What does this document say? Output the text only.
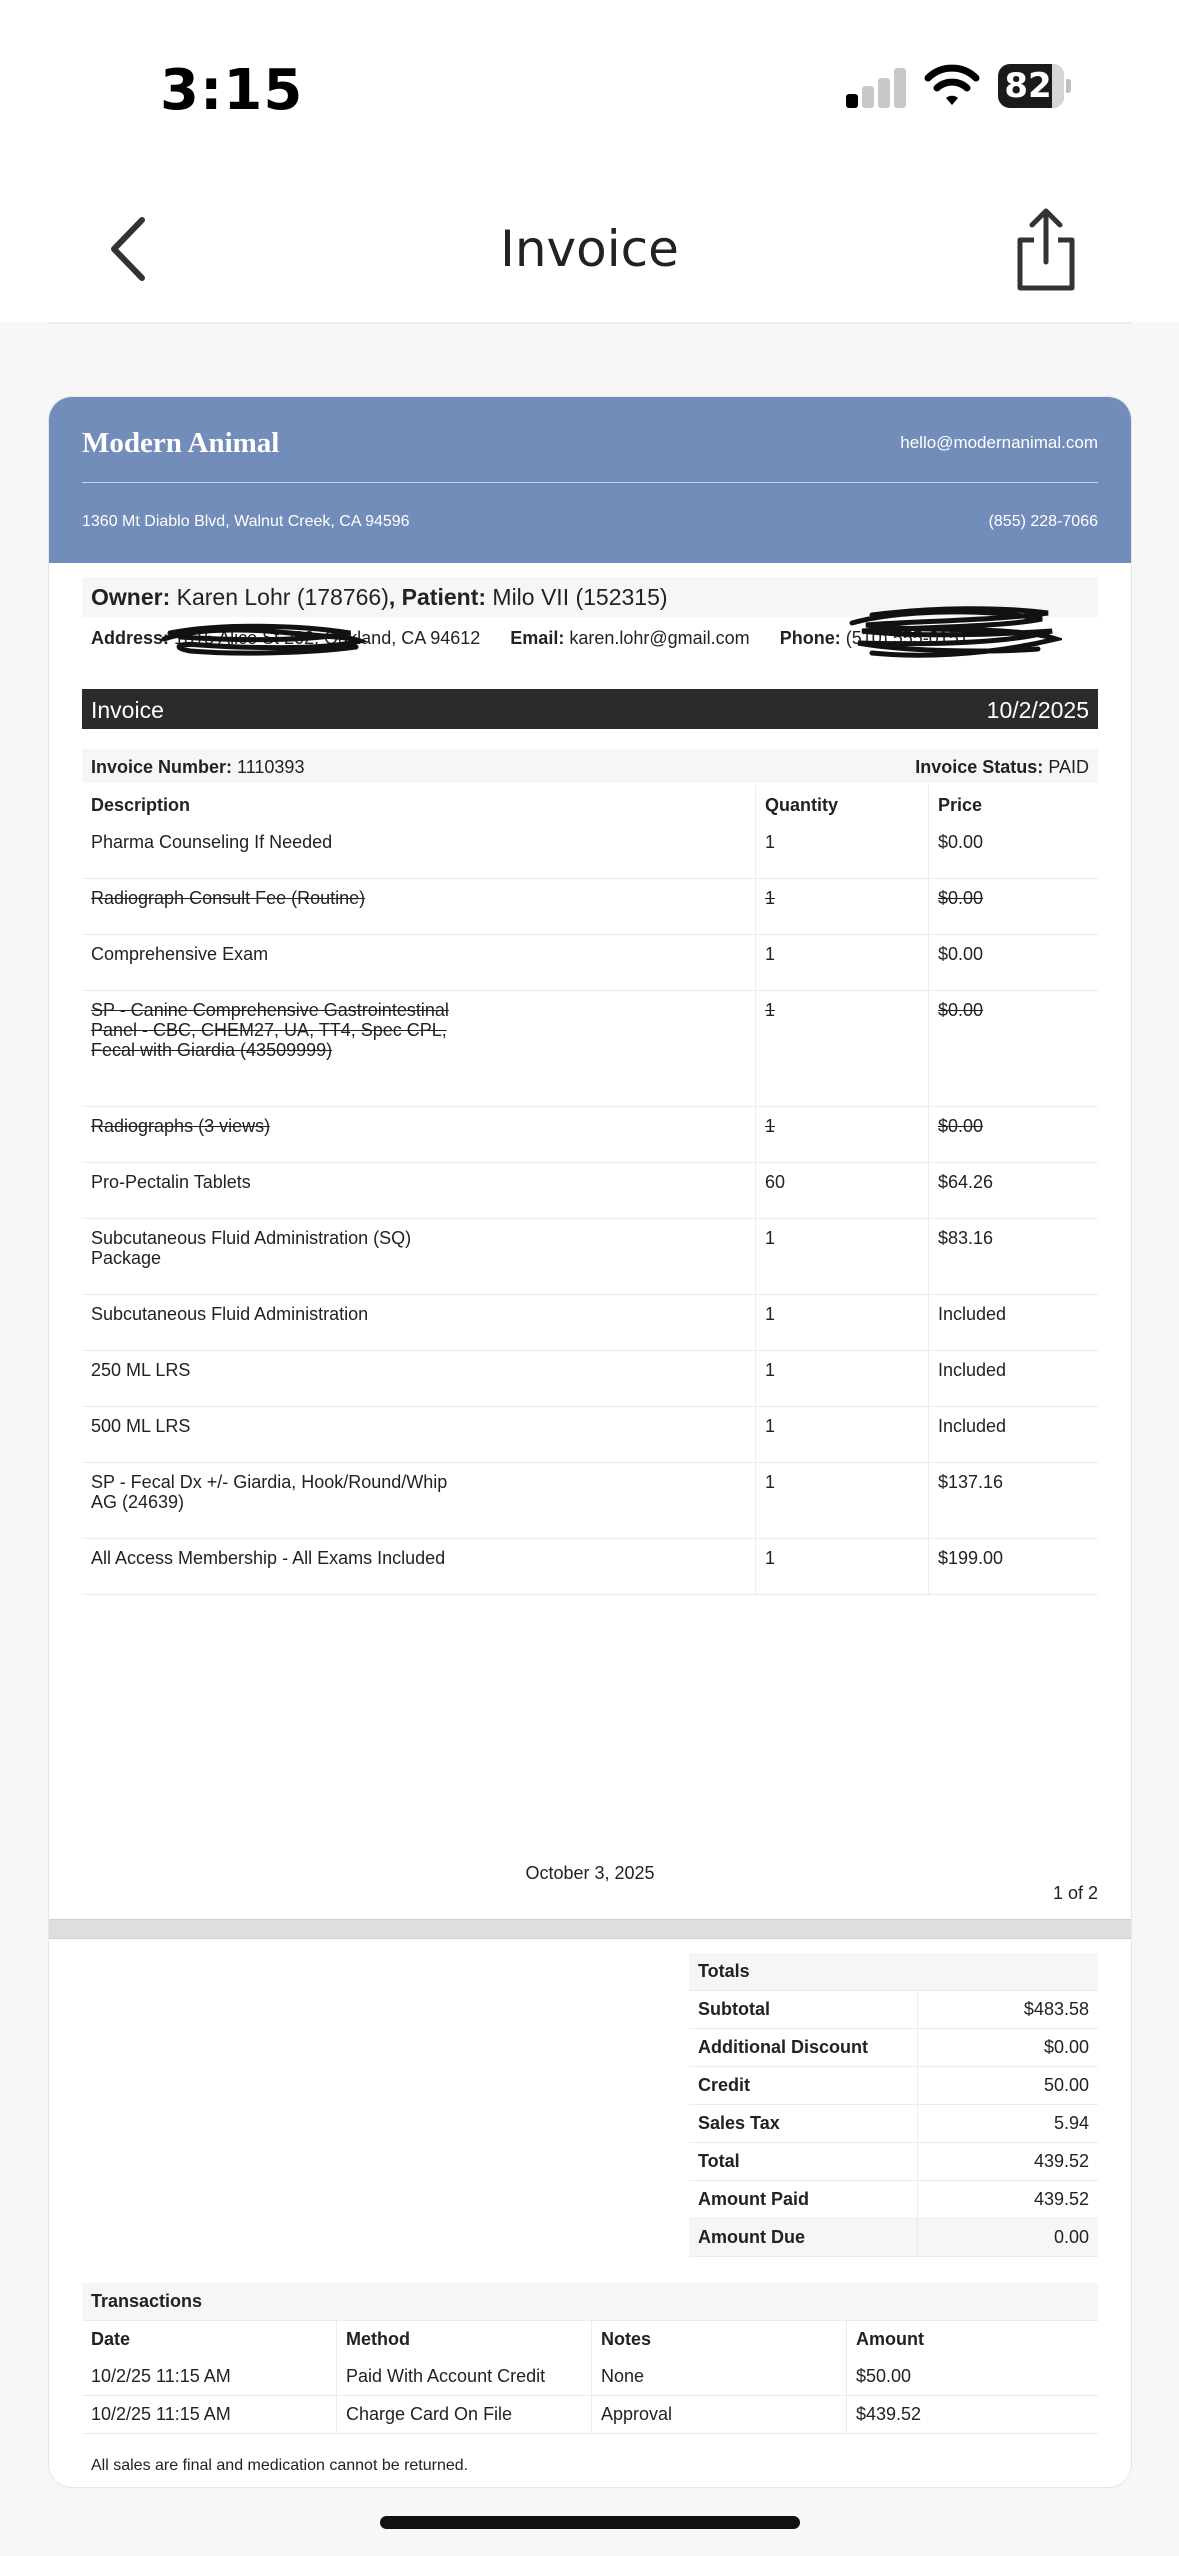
3:15	82
Invoice
Modern Animal	hello@modernanimal.com
1360 Mt Diablo Blvd, Walnut Creek, CA 94596	(855) 228-7066
Owner: Karen Lohr (178766), Patient: Milo VII (152315)
Address: 1815 Alice St 202, Oakland, CA 94612 Email: karen.lohr@gmail.com Phone: (510) 555-0151
Invoice	10/2/2025
Invoice Number: 1110393	Invoice Status: PAID
Description	Quantity	Price

Pharma Counseling If Needed	1	$0.00

Radiograph Consult Fee (Routine)	1	$0.00

Comprehensive Exam	1	$0.00

SP - Canine Comprehensive Gastrointestinal Panel - CBC, CHEM27, UA, TT4, Spec CPL, Fecal with Giardia (43509999)	1	$0.00

Radiographs (3 views)	1	$0.00

Pro-Pectalin Tablets	60	$64.26

Subcutaneous Fluid Administration (SQ) Package	1	$83.16

Subcutaneous Fluid Administration	1	Included

250 ML LRS	1	Included

500 ML LRS	1	Included

SP - Fecal Dx +/- Giardia, Hook/Round/Whip AG (24639)	1	$137.16

All Access Membership - All Exams Included	1	$199.00
October 3, 2025
1 of 2
Totals	
Subtotal	$483.58
Additional Discount	$0.00
Credit	50.00
Sales Tax	5.94
Total	439.52
Amount Paid	439.52
Amount Due	0.00
Transactions			
Date	Method	Notes	Amount
10/2/25 11:15 AM	Paid With Account Credit	None	$50.00
10/2/25 11:15 AM	Charge Card On File	Approval	$439.52
All sales are final and medication cannot be returned.
